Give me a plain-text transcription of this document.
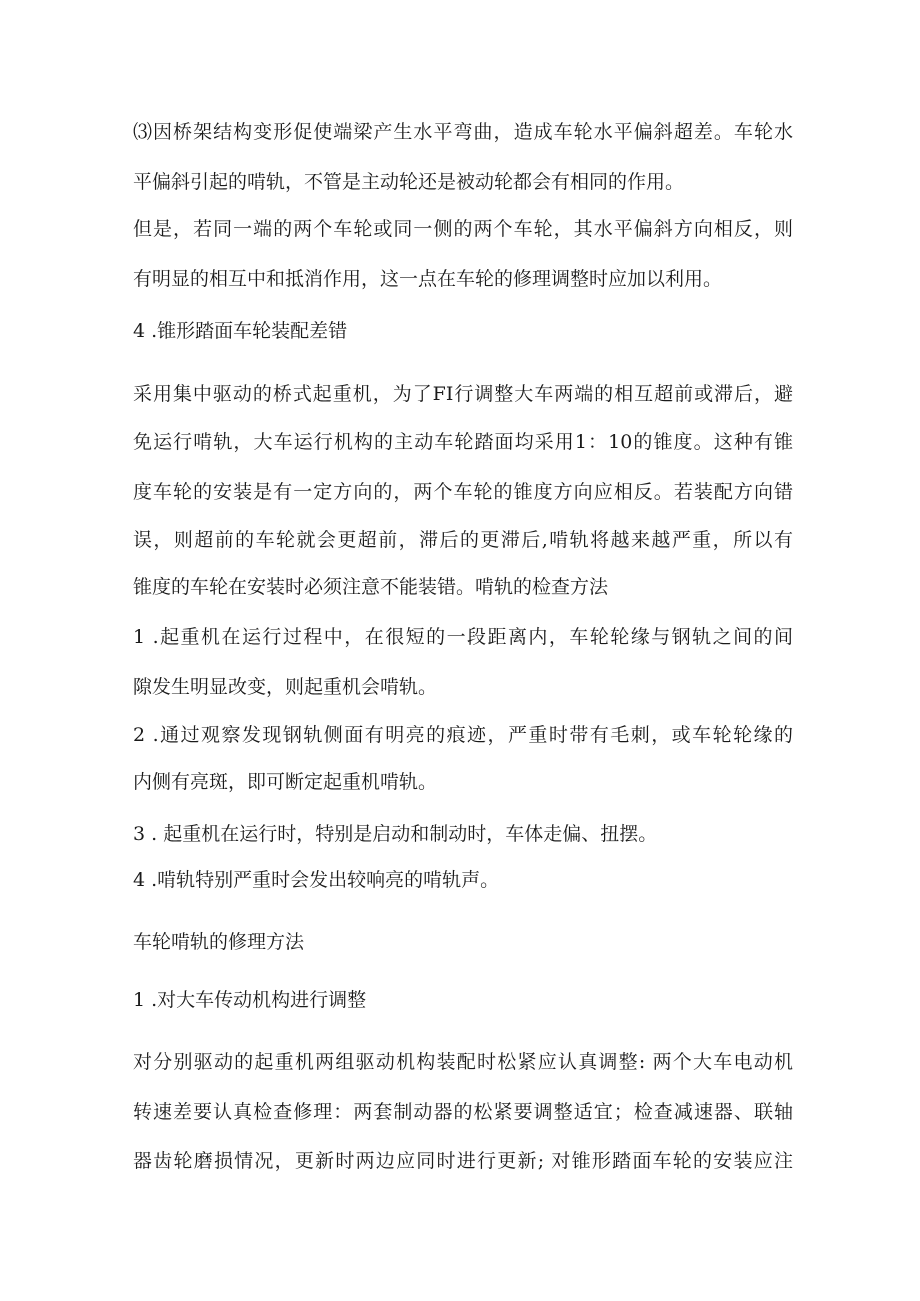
⑶因桥架结构变形促使端梁产生水平弯曲，造成车轮水平偏斜超差。车轮水
平偏斜引起的啃轨，不管是主动轮还是被动轮都会有相同的作用。
但是，若同一端的两个车轮或同一侧的两个车轮，其水平偏斜方向相反，则
有明显的相互中和抵消作用，这一点在车轮的修理调整时应加以利用。
4 .锥形踏面车轮装配差错
采用集中驱动的桥式起重机，为了FI行调整大车两端的相互超前或滞后，避
免运行啃轨，大车运行机构的主动车轮踏面均采用1：10的锥度。这种有锥
度车轮的安装是有一定方向的，两个车轮的锥度方向应相反。若装配方向错
误，则超前的车轮就会更超前，滞后的更滞后,啃轨将越来越严重，所以有
锥度的车轮在安装时必须注意不能装错。啃轨的检查方法
1 .起重机在运行过程中，在很短的一段距离内，车轮轮缘与钢轨之间的间
隙发生明显改变，则起重机会啃轨。
2 .通过观察发现钢轨侧面有明亮的痕迹，严重时带有毛刺，或车轮轮缘的
内侧有亮斑，即可断定起重机啃轨。
3 . 起重机在运行时，特别是启动和制动时，车体走偏、扭摆。
4 .啃轨特别严重时会发出较响亮的啃轨声。
车轮啃轨的修理方法
1 .对大车传动机构进行调整
对分别驱动的起重机两组驱动机构装配时松紧应认真调整: 两个大车电动机
转速差要认真检查修理：两套制动器的松紧要调整适宜；检查减速器、联轴
器齿轮磨损情况，更新时两边应同时进行更新; 对锥形踏面车轮的安装应注
